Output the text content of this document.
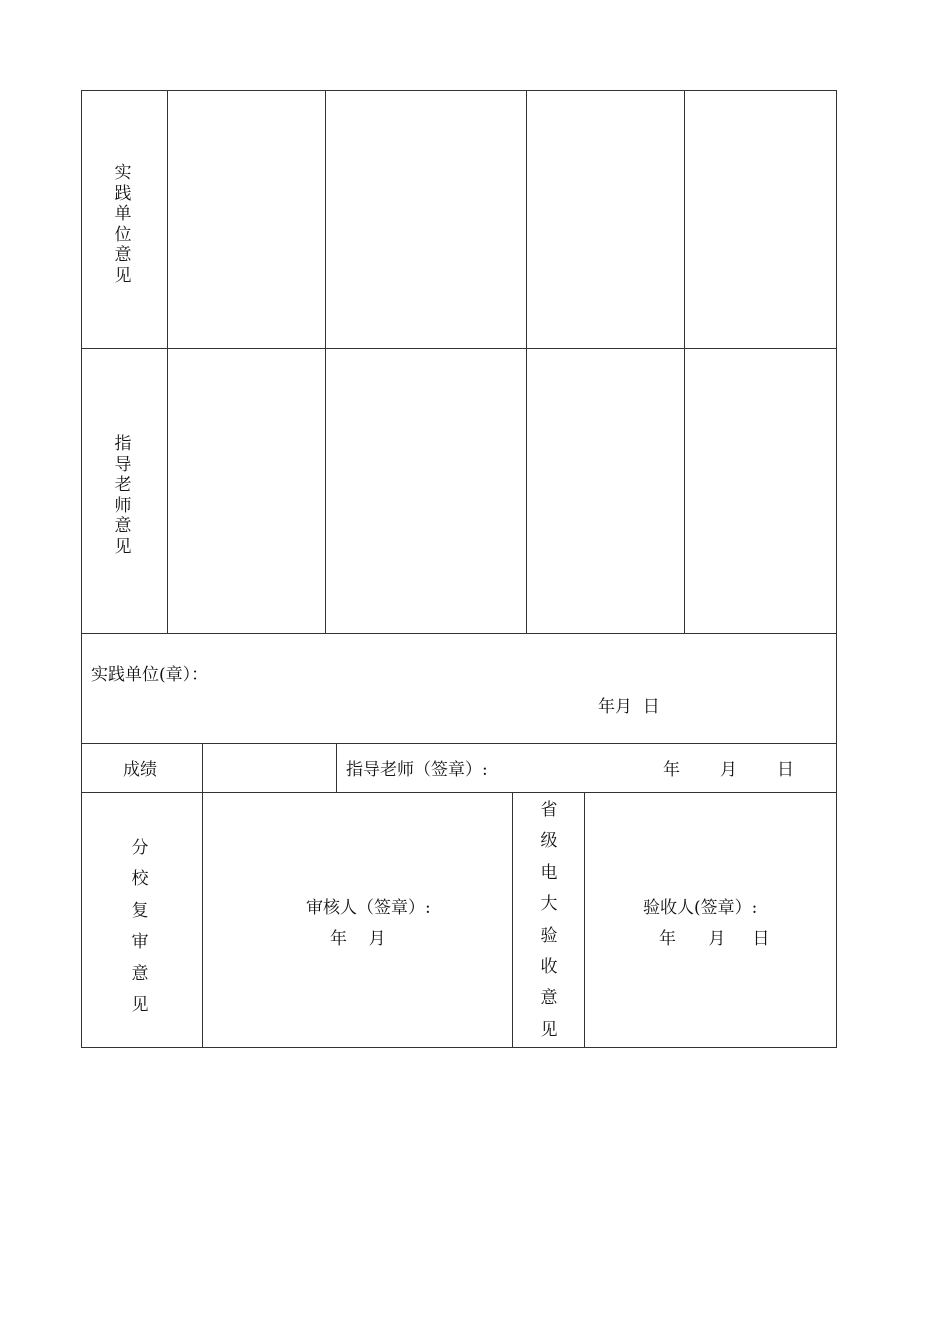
实践单位意见
指导老师意见
实践单位(章）：
年月  日
成绩	指导老师（签章）:	年 月 日
分
校
复
审
意
见
审核人（签章）:
年    月
省
级
电
大
验
收
意
见
验收人(签章）:
年      月     日
